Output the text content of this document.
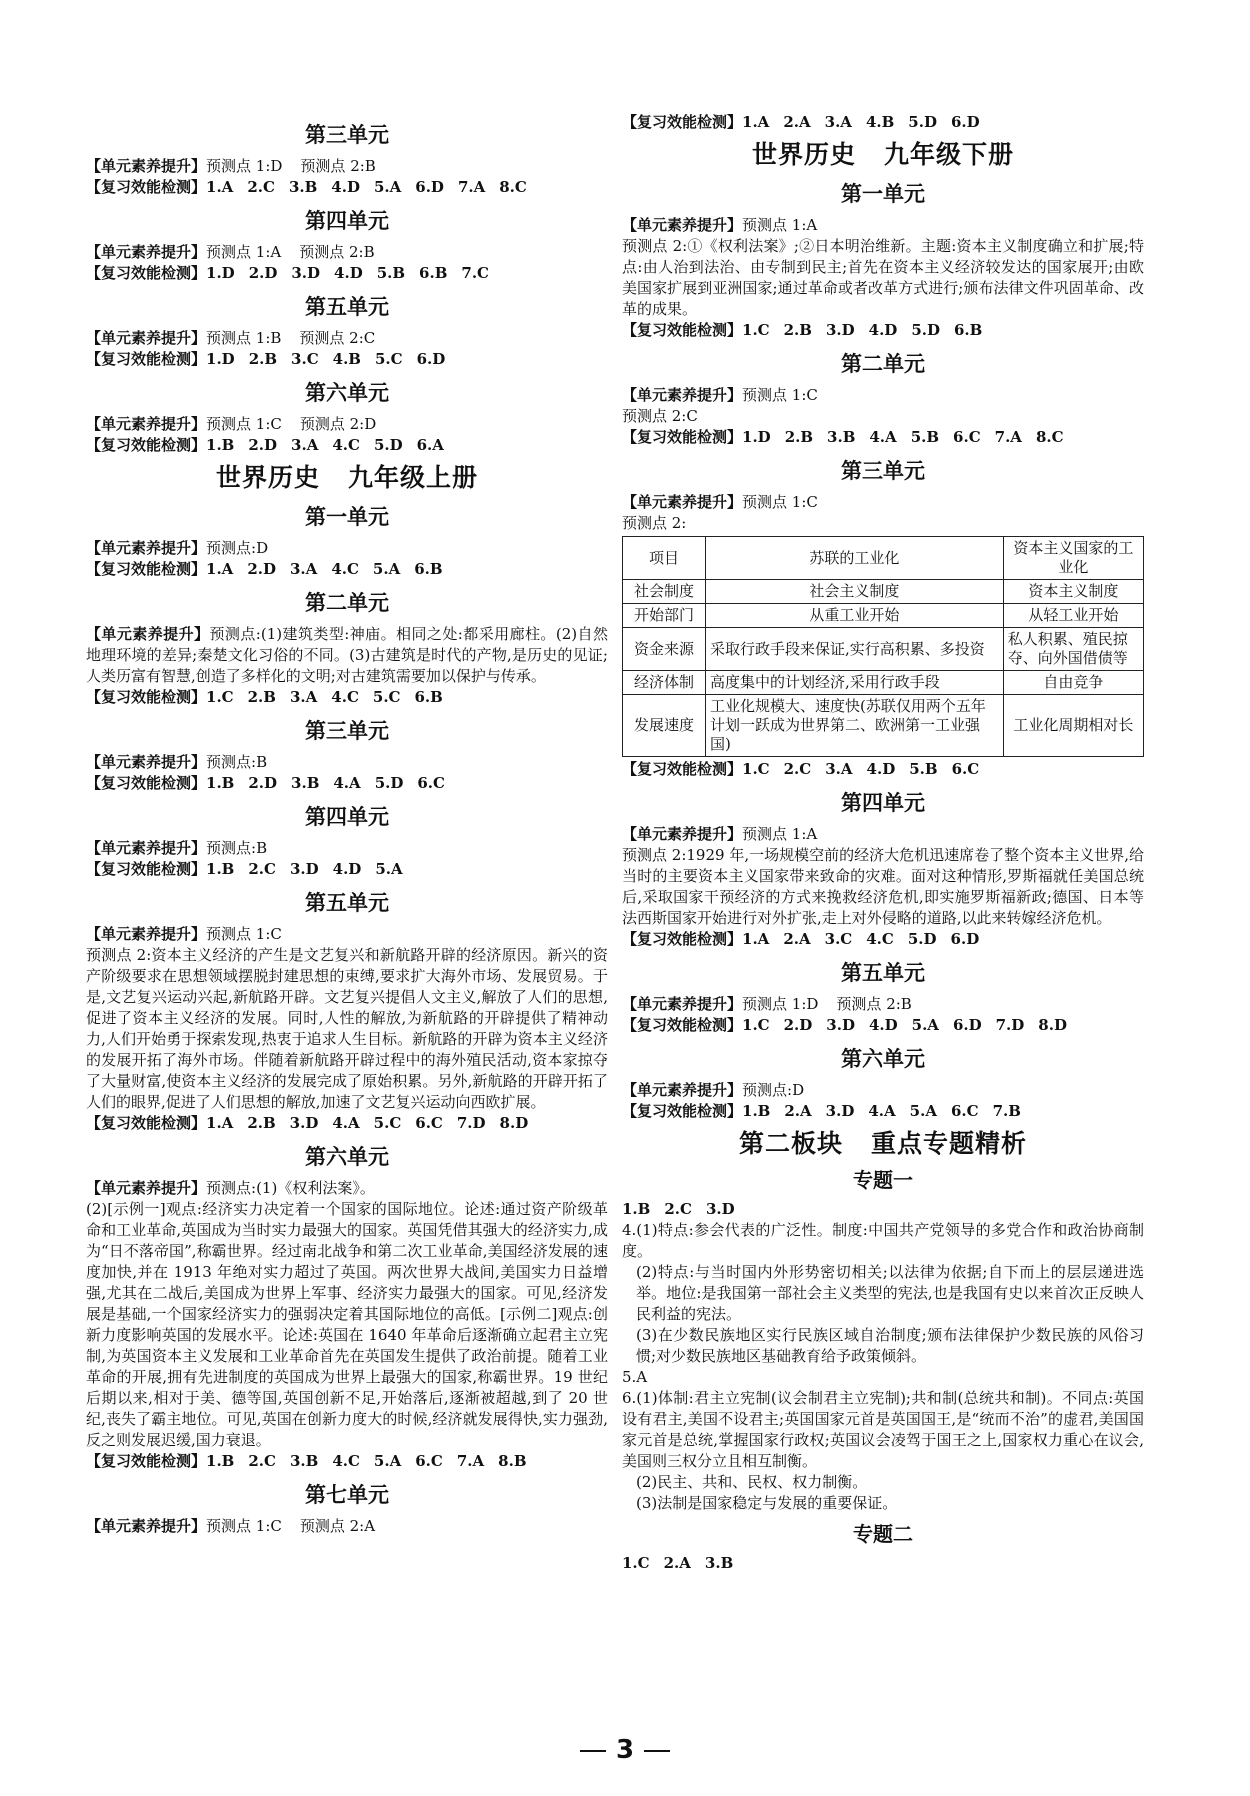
第三单元

【单元素养提升】预测点 1:D 预测点 2:B

【复习效能检测】1.A 2.C 3.B 4.D 5.A 6.D 7.A 8.C

第四单元

【单元素养提升】预测点 1:A 预测点 2:B

【复习效能检测】1.D 2.D 3.D 4.D 5.B 6.B 7.C

第五单元

【单元素养提升】预测点 1:B 预测点 2:C

【复习效能检测】1.D 2.B 3.C 4.B 5.C 6.D

第六单元

【单元素养提升】预测点 1:C 预测点 2:D

【复习效能检测】1.B 2.D 3.A 4.C 5.D 6.A

世界历史 九年级上册
第一单元

【单元素养提升】预测点:D

【复习效能检测】1.A 2.D 3.A 4.C 5.A 6.B

第二单元

【单元素养提升】预测点:(1)建筑类型:神庙。相同之处:都采用廊柱。(2)自然地理环境的差异;秦楚文化习俗的不同。(3)古建筑是时代的产物,是历史的见证;人类历富有智慧,创造了多样化的文明;对古建筑需要加以保护与传承。

【复习效能检测】1.C 2.B 3.A 4.C 5.C 6.B

第三单元

【单元素养提升】预测点:B

【复习效能检测】1.B 2.D 3.B 4.A 5.D 6.C

第四单元

【单元素养提升】预测点:B

【复习效能检测】1.B 2.C 3.D 4.D 5.A

第五单元

【单元素养提升】预测点 1:C

预测点 2:资本主义经济的产生是文艺复兴和新航路开辟的经济原因。新兴的资产阶级要求在思想领域摆脱封建思想的束缚,要求扩大海外市场、发展贸易。于是,文艺复兴运动兴起,新航路开辟。文艺复兴提倡人文主义,解放了人们的思想,促进了资本主义经济的发展。同时,人性的解放,为新航路的开辟提供了精神动力,人们开始勇于探索发现,热衷于追求人生目标。新航路的开辟为资本主义经济的发展开拓了海外市场。伴随着新航路开辟过程中的海外殖民活动,资本家掠夺了大量财富,使资本主义经济的发展完成了原始积累。另外,新航路的开辟开拓了人们的眼界,促进了人们思想的解放,加速了文艺复兴运动向西欧扩展。

【复习效能检测】1.A 2.B 3.D 4.A 5.C 6.C 7.D 8.D

第六单元

【单元素养提升】预测点:(1)《权利法案》。

(2)[示例一]观点:经济实力决定着一个国家的国际地位。论述:通过资产阶级革命和工业革命,英国成为当时实力最强大的国家。英国凭借其强大的经济实力,成为“日不落帝国”,称霸世界。经过南北战争和第二次工业革命,美国经济发展的速度加快,并在 1913 年绝对实力超过了英国。两次世界大战间,美国实力日益增强,尤其在二战后,美国成为世界上军事、经济实力最强大的国家。可见,经济发展是基础,一个国家经济实力的强弱决定着其国际地位的高低。[示例二]观点:创新力度影响英国的发展水平。论述:英国在 1640 年革命后逐渐确立起君主立宪制,为英国资本主义发展和工业革命首先在英国发生提供了政治前提。随着工业革命的开展,拥有先进制度的英国成为世界上最强大的国家,称霸世界。19 世纪后期以来,相对于美、德等国,英国创新不足,开始落后,逐渐被超越,到了 20 世纪,丧失了霸主地位。可见,英国在创新力度大的时候,经济就发展得快,实力强劲,反之则发展迟缓,国力衰退。

【复习效能检测】1.B 2.C 3.B 4.C 5.A 6.C 7.A 8.B

第七单元

【单元素养提升】预测点 1:C 预测点 2:A

【复习效能检测】1.A 2.A 3.A 4.B 5.D 6.D

世界历史 九年级下册
第一单元

【单元素养提升】预测点 1:A

预测点 2:①《权利法案》;②日本明治维新。主题:资本主义制度确立和扩展;特点:由人治到法治、由专制到民主;首先在资本主义经济较发达的国家展开;由欧美国家扩展到亚洲国家;通过革命或者改革方式进行;颁布法律文件巩固革命、改革的成果。

【复习效能检测】1.C 2.B 3.D 4.D 5.D 6.B

第二单元

【单元素养提升】预测点 1:C

预测点 2:C

【复习效能检测】1.D 2.B 3.B 4.A 5.B 6.C 7.A 8.C

第三单元

【单元素养提升】预测点 1:C

预测点 2:

项目	苏联的工业化	资本主义国家的工业化
社会制度	社会主义制度	资本主义制度
开始部门	从重工业开始	从轻工业开始
资金来源	采取行政手段来保证,实行高积累、多投资	私人积累、殖民掠夺、向外国借债等
经济体制	高度集中的计划经济,采用行政手段	自由竞争
发展速度	工业化规模大、速度快(苏联仅用两个五年计划一跃成为世界第二、欧洲第一工业强国)	工业化周期相对长

【复习效能检测】1.C 2.C 3.A 4.D 5.B 6.C

第四单元

【单元素养提升】预测点 1:A

预测点 2:1929 年,一场规模空前的经济大危机迅速席卷了整个资本主义世界,给当时的主要资本主义国家带来致命的灾难。面对这种情形,罗斯福就任美国总统后,采取国家干预经济的方式来挽救经济危机,即实施罗斯福新政;德国、日本等法西斯国家开始进行对外扩张,走上对外侵略的道路,以此来转嫁经济危机。

【复习效能检测】1.A 2.A 3.C 4.C 5.D 6.D

第五单元

【单元素养提升】预测点 1:D 预测点 2:B

【复习效能检测】1.C 2.D 3.D 4.D 5.A 6.D 7.D 8.D

第六单元

【单元素养提升】预测点:D

【复习效能检测】1.B 2.A 3.D 4.A 5.A 6.C 7.B

第二板块 重点专题精析
专题一

1.B 2.C 3.D

4.(1)特点:参会代表的广泛性。制度:中国共产党领导的多党合作和政治协商制度。

(2)特点:与当时国内外形势密切相关;以法律为依据;自下而上的层层递进选举。地位:是我国第一部社会主义类型的宪法,也是我国有史以来首次正反映人民利益的宪法。

(3)在少数民族地区实行民族区域自治制度;颁布法律保护少数民族的风俗习惯;对少数民族地区基础教育给予政策倾斜。

5.A

6.(1)体制:君主立宪制(议会制君主立宪制);共和制(总统共和制)。不同点:英国设有君主,美国不设君主;英国国家元首是英国国王,是“统而不治”的虚君,美国国家元首是总统,掌握国家行政权;英国议会凌驾于国王之上,国家权力重心在议会,美国则三权分立且相互制衡。

(2)民主、共和、民权、权力制衡。

(3)法制是国家稳定与发展的重要保证。

专题二

1.C 2.A 3.B

3
